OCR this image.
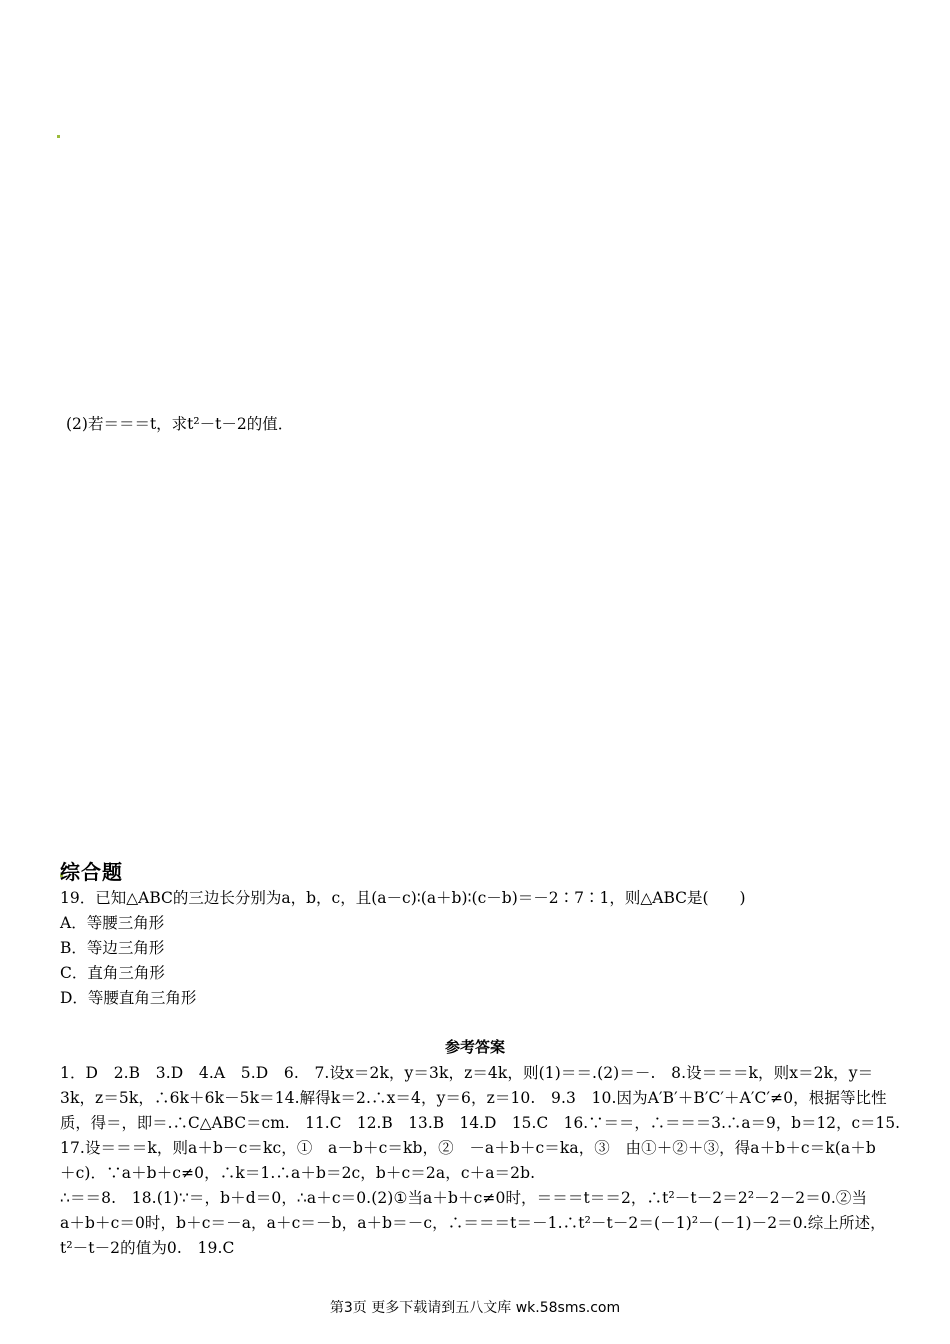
(2)若＝＝＝t，求t²－t－2的值．
综合题
19．已知△ABC的三边长分别为a，b，c，且(a－c)∶(a＋b)∶(c－b)＝－2∶7∶1，则△ABC是(　　)
A．等腰三角形
B．等边三角形
C．直角三角形
D．等腰直角三角形
参考答案
1．D　2.B　3.D　4.A　5.D　6.　7.设x＝2k，y＝3k，z＝4k，则(1)＝＝.(2)＝－.　8.设＝＝＝k，则x＝2k，y＝
3k，z＝5k，∴6k＋6k－5k＝14.解得k＝2.∴x＝4，y＝6，z＝10.　9.3　10.因为A′B′＋B′C′＋A′C′≠0，根据等比性
质，得＝，即＝.∴C△ABC＝cm.　11.C　12.B　13.B　14.D　15.C　16.∵＝＝，∴＝＝＝3.∴a＝9，b＝12，c＝15.
17.设＝＝＝k，则a＋b－c＝kc，①　a－b＋c＝kb，②　－a＋b＋c＝ka，③　由①＋②＋③，得a＋b＋c＝k(a＋b
＋c)．∵a＋b＋c≠0，∴k＝1.∴a＋b＝2c，b＋c＝2a，c＋a＝2b.
∴＝＝8.　18.(1)∵＝，b＋d＝0，∴a＋c＝0.(2)①当a＋b＋c≠0时，＝＝＝t＝＝2，∴t²－t－2＝2²－2－2＝0.②当
a＋b＋c＝0时，b＋c＝－a，a＋c＝－b，a＋b＝－c，∴＝＝＝t＝－1.∴t²－t－2＝(－1)²－(－1)－2＝0.综上所述，
t²－t－2的值为0.　19.C
第3页 更多下载请到五八文库 wk.58sms.com
